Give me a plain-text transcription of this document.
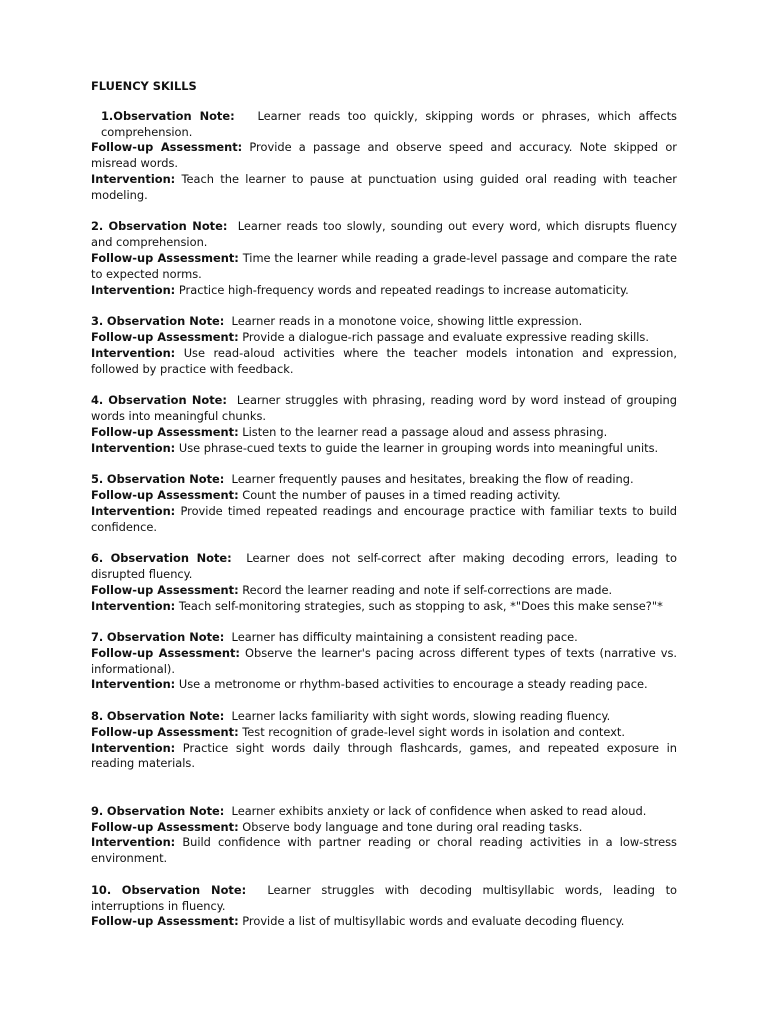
FLUENCY SKILLS

1.Observation Note: Learner reads too quickly, skipping words or phrases, which affects comprehension.

Follow-up Assessment: Provide a passage and observe speed and accuracy. Note skipped or misread words.

Intervention: Teach the learner to pause at punctuation using guided oral reading with teacher modeling.

2. Observation Note: Learner reads too slowly, sounding out every word, which disrupts fluency and comprehension.

Follow-up Assessment: Time the learner while reading a grade-level passage and compare the rate to expected norms.

Intervention: Practice high-frequency words and repeated readings to increase automaticity.

3. Observation Note: Learner reads in a monotone voice, showing little expression.

Follow-up Assessment: Provide a dialogue-rich passage and evaluate expressive reading skills.

Intervention: Use read-aloud activities where the teacher models intonation and expression, followed by practice with feedback.

4. Observation Note: Learner struggles with phrasing, reading word by word instead of grouping words into meaningful chunks.

Follow-up Assessment: Listen to the learner read a passage aloud and assess phrasing.

Intervention: Use phrase-cued texts to guide the learner in grouping words into meaningful units.

5. Observation Note: Learner frequently pauses and hesitates, breaking the flow of reading.

Follow-up Assessment: Count the number of pauses in a timed reading activity.

Intervention: Provide timed repeated readings and encourage practice with familiar texts to build confidence.

6. Observation Note: Learner does not self-correct after making decoding errors, leading to disrupted fluency.

Follow-up Assessment: Record the learner reading and note if self-corrections are made.

Intervention: Teach self-monitoring strategies, such as stopping to ask, *"Does this make sense?"*

7. Observation Note: Learner has difficulty maintaining a consistent reading pace.

Follow-up Assessment: Observe the learner's pacing across different types of texts (narrative vs. informational).

Intervention: Use a metronome or rhythm-based activities to encourage a steady reading pace.

8. Observation Note: Learner lacks familiarity with sight words, slowing reading fluency.

Follow-up Assessment: Test recognition of grade-level sight words in isolation and context.

Intervention: Practice sight words daily through flashcards, games, and repeated exposure in reading materials.

9. Observation Note: Learner exhibits anxiety or lack of confidence when asked to read aloud.

Follow-up Assessment: Observe body language and tone during oral reading tasks.

Intervention: Build confidence with partner reading or choral reading activities in a low-stress environment.

10. Observation Note: Learner struggles with decoding multisyllabic words, leading to interruptions in fluency.

Follow-up Assessment: Provide a list of multisyllabic words and evaluate decoding fluency.
